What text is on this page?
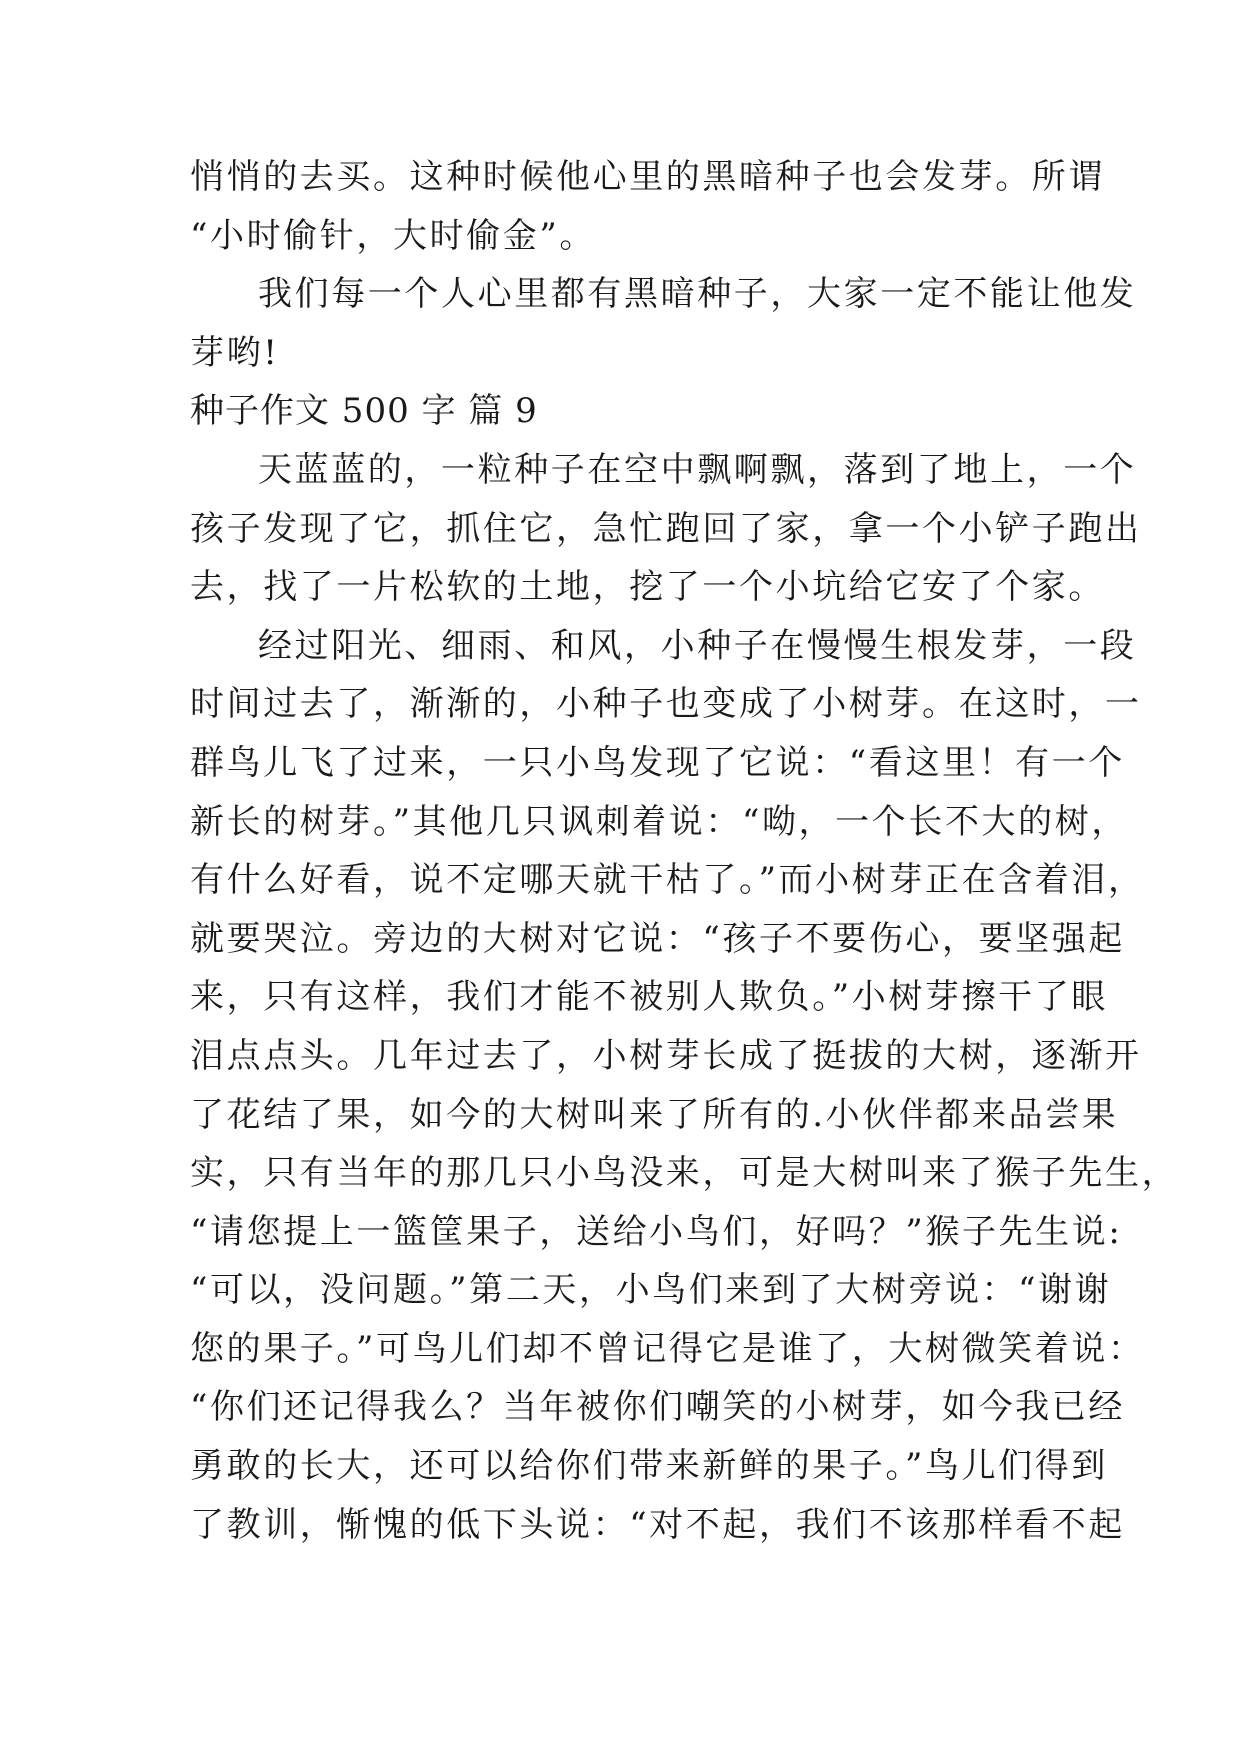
悄悄的去买。这种时候他心里的黑暗种子也会发芽。所谓
“小时偷针，大时偷金”。
我们每一个人心里都有黑暗种子，大家一定不能让他发
芽哟!
种子作文 500 字 篇 9
天蓝蓝的，一粒种子在空中飘啊飘，落到了地上，一个
孩子发现了它，抓住它，急忙跑回了家，拿一个小铲子跑出
去，找了一片松软的土地，挖了一个小坑给它安了个家。
经过阳光、细雨、和风，小种子在慢慢生根发芽，一段
时间过去了，渐渐的，小种子也变成了小树芽。在这时，一
群鸟儿飞了过来，一只小鸟发现了它说：“看这里！有一个
新长的树芽。”其他几只讽刺着说：“呦，一个长不大的树，
有什么好看，说不定哪天就干枯了。”而小树芽正在含着泪，
就要哭泣。旁边的大树对它说：“孩子不要伤心，要坚强起
来，只有这样，我们才能不被别人欺负。”小树芽擦干了眼
泪点点头。几年过去了，小树芽长成了挺拔的大树，逐渐开
了花结了果，如今的大树叫来了所有的.小伙伴都来品尝果
实，只有当年的那几只小鸟没来，可是大树叫来了猴子先生，
“请您提上一篮筐果子，送给小鸟们，好吗？”猴子先生说:
“可以，没问题。”第二天，小鸟们来到了大树旁说：“谢谢
您的果子。”可鸟儿们却不曾记得它是谁了，大树微笑着说：
“你们还记得我么？当年被你们嘲笑的小树芽，如今我已经
勇敢的长大，还可以给你们带来新鲜的果子。”鸟儿们得到
了教训，惭愧的低下头说：“对不起，我们不该那样看不起
